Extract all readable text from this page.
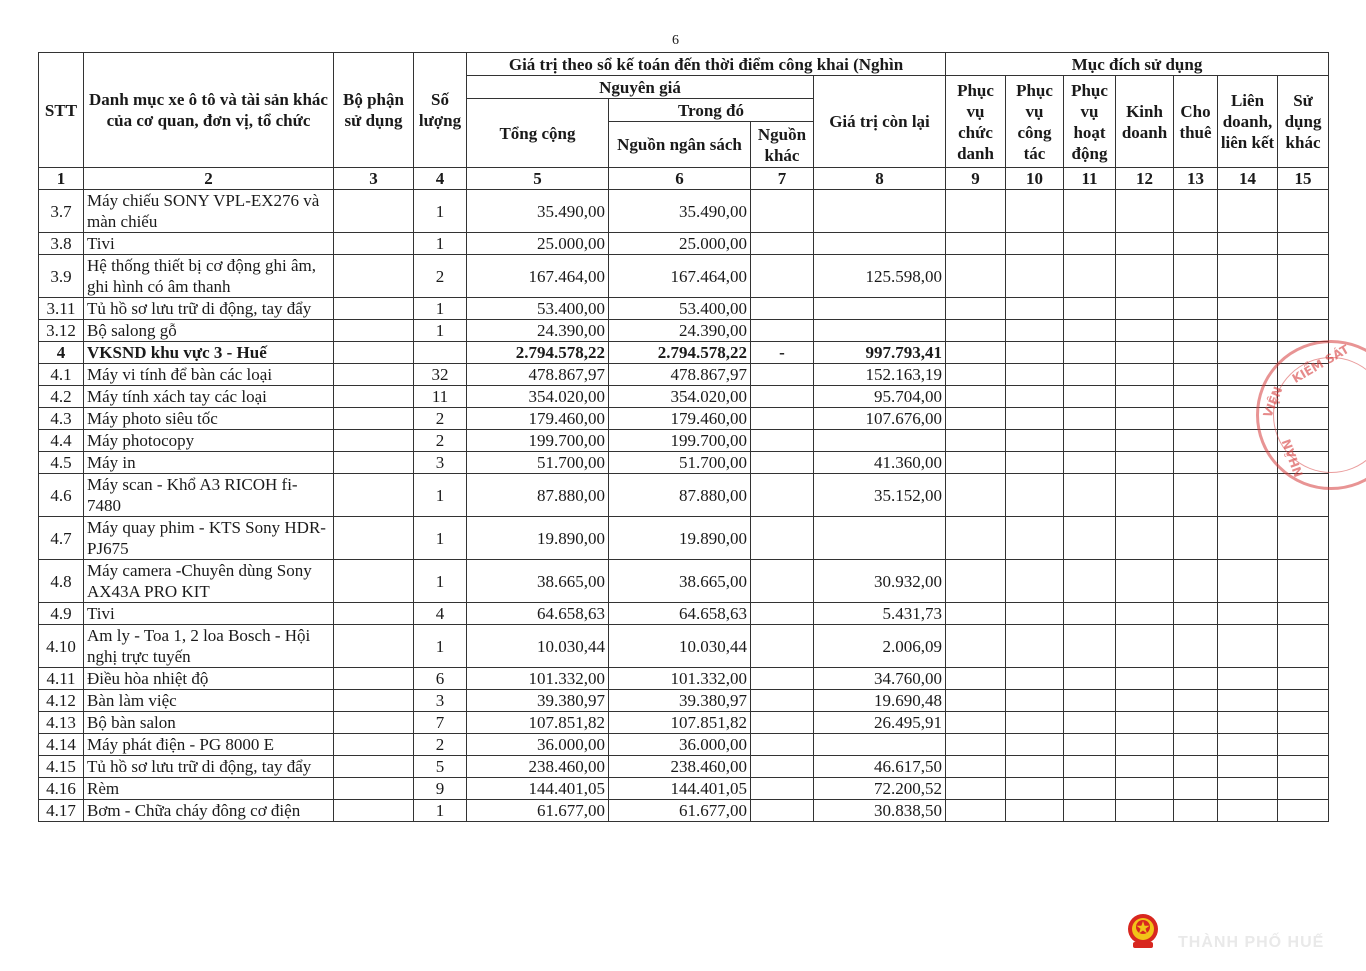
6
STT	Danh mục xe ô tô và tài sản khác của cơ quan, đơn vị, tổ chức	Bộ phận sử dụng	Số lượng	Giá trị theo sổ kế toán đến thời điểm công khai (Nghìn				Mục đích sử dụng						
				Nguyên giá			Giá trị còn lại	Phục vụ chức danh	Phục vụ công tác	Phục vụ hoạt động	Kinh doanh	Cho thuê	Liên doanh, liên kết	Sử dụng khác
				Tổng cộng	Trong đó									
					Nguồn ngân sách	Nguồn khác								
1	2	3	4	5	6	7	8	9	10	11	12	13	14	15
3.7	Máy chiếu SONY VPL-EX276 và màn chiếu		1	35.490,00	35.490,00									
3.8	Tivi		1	25.000,00	25.000,00									
3.9	Hệ thống thiết bị cơ động ghi âm, ghi hình có âm thanh		2	167.464,00	167.464,00		125.598,00							
3.11	Tủ hồ sơ lưu trữ di động, tay đẩy		1	53.400,00	53.400,00									
3.12	Bộ salong gỗ		1	24.390,00	24.390,00									
4	VKSND khu vực 3 - Huế			2.794.578,22	2.794.578,22	-	997.793,41							
4.1	Máy vi tính để bàn các loại		32	478.867,97	478.867,97		152.163,19							
4.2	Máy tính xách tay các loại		11	354.020,00	354.020,00		95.704,00							
4.3	Máy photo siêu tốc		2	179.460,00	179.460,00		107.676,00							
4.4	Máy photocopy		2	199.700,00	199.700,00									
4.5	Máy in		3	51.700,00	51.700,00		41.360,00							
4.6	Máy scan - Khổ A3 RICOH fi-7480		1	87.880,00	87.880,00		35.152,00							
4.7	Máy quay phim - KTS Sony HDR-PJ675		1	19.890,00	19.890,00									
4.8	Máy camera -Chuyên dùng Sony AX43A PRO KIT		1	38.665,00	38.665,00		30.932,00							
4.9	Tivi		4	64.658,63	64.658,63		5.431,73							
4.10	Am ly - Toa 1, 2 loa Bosch - Hội nghị trực tuyến		1	10.030,44	10.030,44		2.006,09							
4.11	Điều hòa nhiệt độ		6	101.332,00	101.332,00		34.760,00							
4.12	Bàn làm việc		3	39.380,97	39.380,97		19.690,48							
4.13	Bộ bàn salon		7	107.851,82	107.851,82		26.495,91							
4.14	Máy phát điện - PG 8000 E		2	36.000,00	36.000,00									
4.15	Tủ hồ sơ lưu trữ di động, tay đẩy		5	238.460,00	238.460,00		46.617,50							
4.16	Rèm		9	144.401,05	144.401,05		72.200,52							
4.17	Bơm - Chữa cháy đông cơ điện		1	61.677,00	61.677,00		30.838,50							
VIỆN
KIỂM SÁT
NHÂN
THÀNH PHỐ HUẾ
